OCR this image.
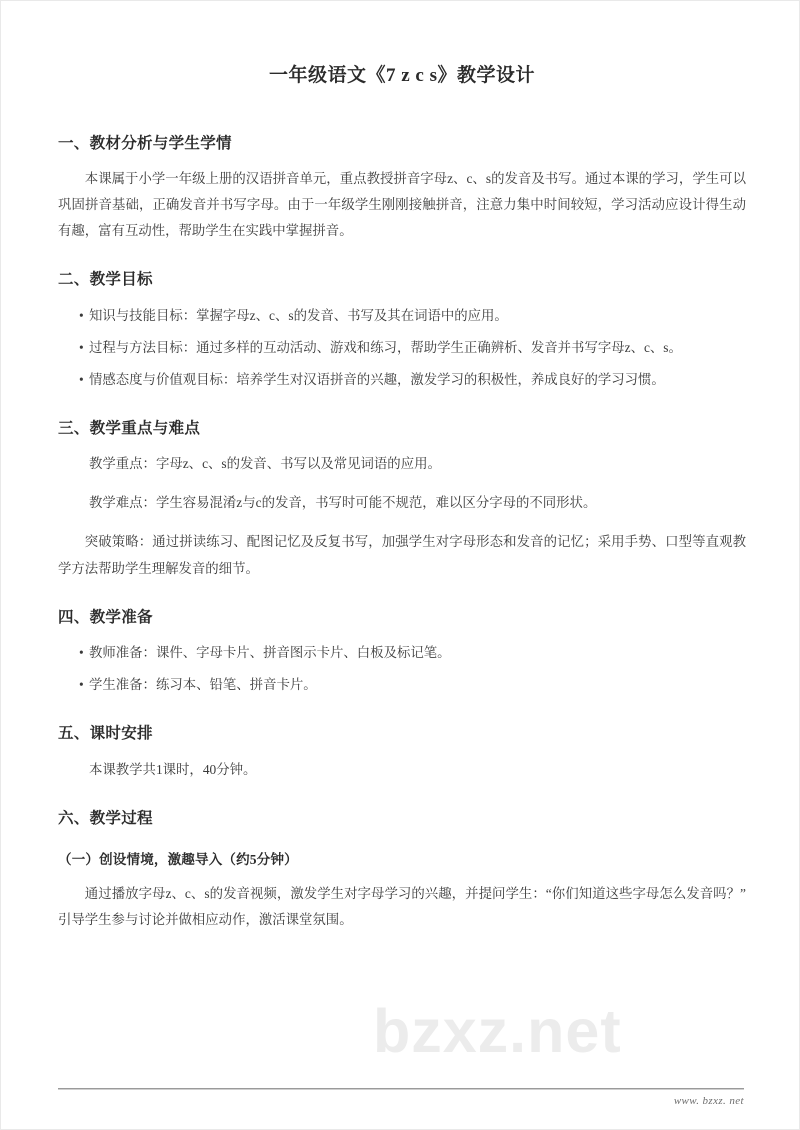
一年级语文《7 z c s》教学设计
一、教材分析与学生学情

本课属于小学一年级上册的汉语拼音单元，重点教授拼音字母z、c、s的发音及书写。通过本课的学习，学生可以巩固拼音基础，正确发音并书写字母。由于一年级学生刚刚接触拼音，注意力集中时间较短，学习活动应设计得生动有趣，富有互动性，帮助学生在实践中掌握拼音。

二、教学目标
• 知识与技能目标：掌握字母z、c、s的发音、书写及其在词语中的应用。
• 过程与方法目标：通过多样的互动活动、游戏和练习，帮助学生正确辨析、发音并书写字母z、c、s。
• 情感态度与价值观目标：培养学生对汉语拼音的兴趣，激发学习的积极性，养成良好的学习习惯。
三、教学重点与难点

教学重点：字母z、c、s的发音、书写以及常见词语的应用。

教学难点：学生容易混淆z与c的发音，书写时可能不规范，难以区分字母的不同形状。

突破策略：通过拼读练习、配图记忆及反复书写，加强学生对字母形态和发音的记忆；采用手势、口型等直观教学方法帮助学生理解发音的细节。

四、教学准备
• 教师准备：课件、字母卡片、拼音图示卡片、白板及标记笔。
• 学生准备：练习本、铅笔、拼音卡片。
五、课时安排

本课教学共1课时，40分钟。

六、教学过程
（一）创设情境，激趣导入（约5分钟）

通过播放字母z、c、s的发音视频，激发学生对字母学习的兴趣，并提问学生：“你们知道这些字母怎么发音吗？”引导学生参与讨论并做相应动作，激活课堂氛围。

bzxz.net
www. bzxz. net
